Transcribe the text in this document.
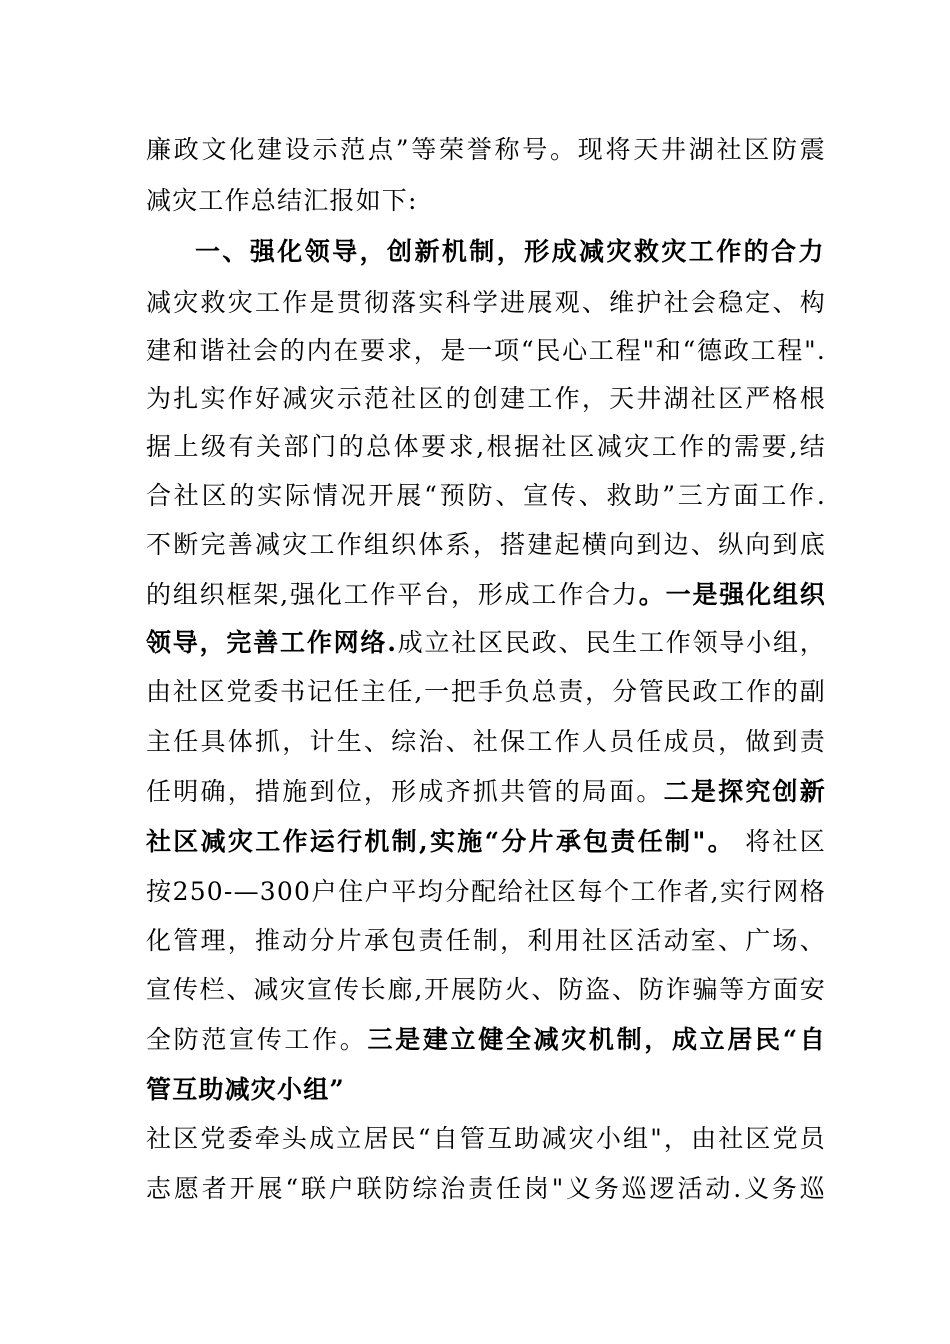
廉政文化建设示范点”等荣誉称号。现将天井湖社区防震
减灾工作总结汇报如下:
一、强化领导，创新机制，形成减灾救灾工作的合力
减灾救灾工作是贯彻落实科学进展观、维护社会稳定、构
建和谐社会的内在要求，是一项“民心工程"和“德政工程".
为扎实作好减灾示范社区的创建工作，天井湖社区严格根
据上级有关部门的总体要求,根据社区减灾工作的需要,结
合社区的实际情况开展“预防、宣传、救助”三方面工作.
不断完善减灾工作组织体系，搭建起横向到边、纵向到底
的组织框架,强化工作平台，形成工作合力。一是强化组织
领导，完善工作网络.成立社区民政、民生工作领导小组，
由社区党委书记任主任,一把手负总责，分管民政工作的副
主任具体抓，计生、综治、社保工作人员任成员，做到责
任明确，措施到位，形成齐抓共管的局面。二是探究创新
社区减灾工作运行机制,实施“分片承包责任制"。 将社区
按250-—300户住户平均分配给社区每个工作者,实行网格
化管理，推动分片承包责任制，利用社区活动室、广场、
宣传栏、减灾宣传长廊,开展防火、防盗、防诈骗等方面安
全防范宣传工作。三是建立健全减灾机制，成立居民“自
管互助减灾小组”
社区党委牵头成立居民“自管互助减灾小组"，由社区党员
志愿者开展“联户联防综治责任岗"义务巡逻活动.义务巡
